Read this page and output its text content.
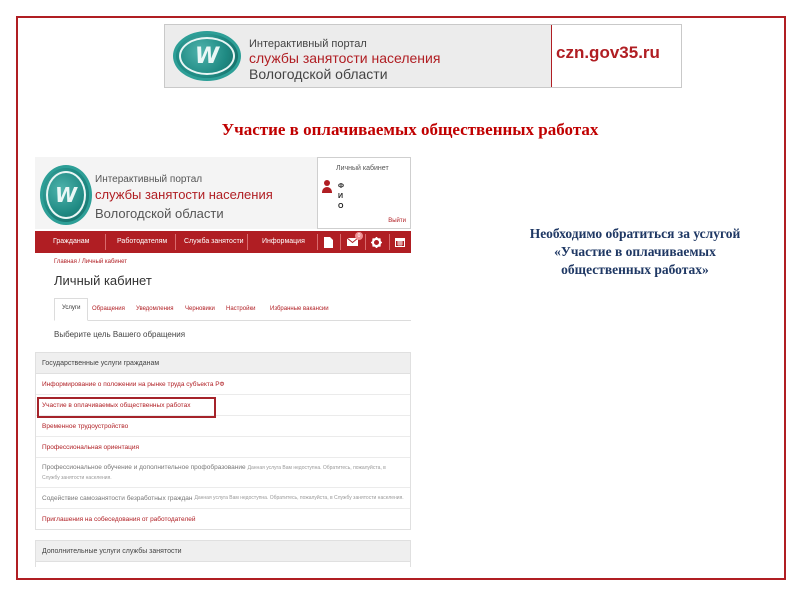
W	Интерактивный портал
службы занятости населения
Вологодской области
czn.gov35.ru
Участие в оплачиваемых общественных работах
W
Интерактивный портал
службы занятости населения
Вологодской области
Личный кабинет
Ф
И
О
Выйти
Гражданам	Работодателям Служба занятости	Информация
0
Главная / Личный кабинет
Личный кабинет
Услуги	Обращения Уведомления Черновики Настройки Избранные вакансии
Выберите цель Вашего обращения
Государственные услуги гражданам
Информирование о положении на рынке труда субъекта РФ
Участие в оплачиваемых общественных работах
Временное трудоустройство
Профессиональная ориентация
Профессиональное обучение и дополнительное профобразование Данная услуга Вам недоступна. Обратитесь, пожалуйста, в Службу занятости населения.
Содействие самозанятости безработных граждан Данная услуга Вам недоступна. Обратитесь, пожалуйста, в Службу занятости населения.
Приглашения на собеседования от работодателей
Дополнительные услуги службы занятости
Необходимо обратиться за услугой
«Участие в оплачиваемых
общественных работах»
